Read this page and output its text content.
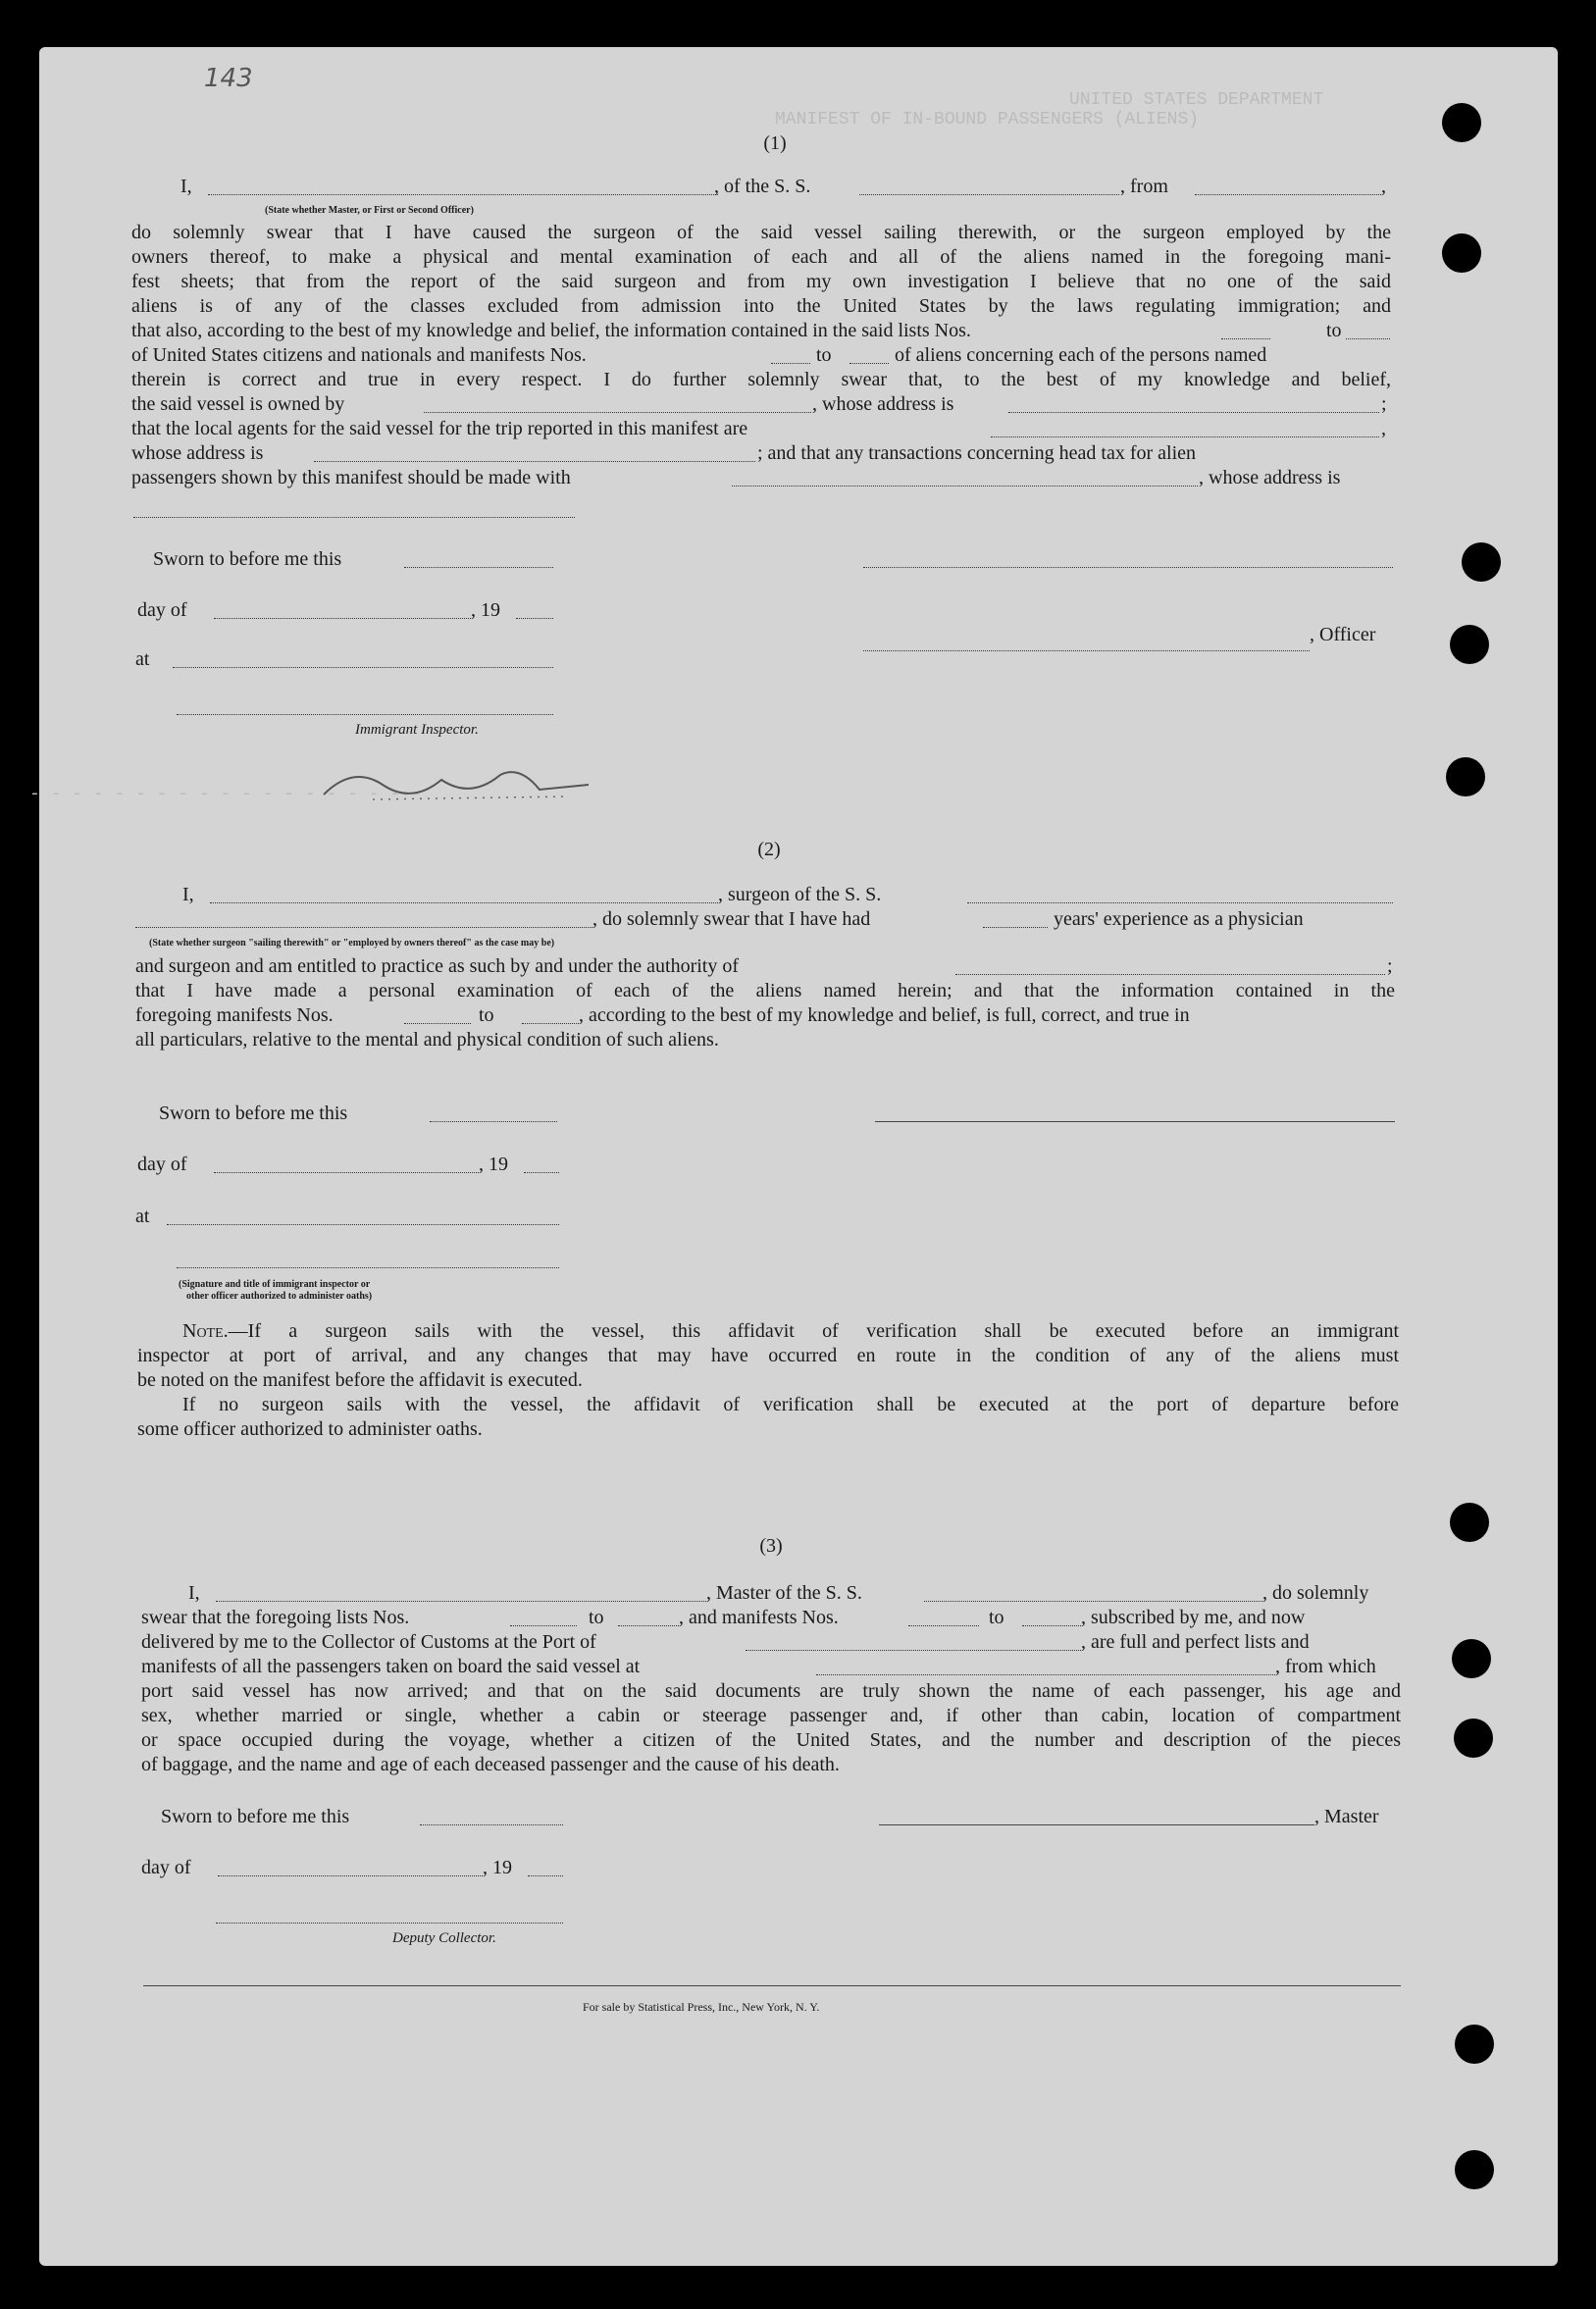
MANIFEST OF IN-BOUND PASSENGERS (ALIENS)
UNITED STATES DEPARTMENT
- - - - - - - - - - - - - - - - - - -
143
(1)
I,	, of the S. S.	, from	,
(State whether Master, or First or Second Officer)
do solemnly swear that I have caused the surgeon of the said vessel sailing therewith, or the surgeon employed by the
owners thereof, to make a physical and mental examination of each and all of the aliens named in the foregoing mani-
fest sheets; that from the report of the said surgeon and from my own investigation I believe that no one of the said
aliens is of any of the classes excluded from admission into the United States by the laws regulating immigration; and
that also, according to the best of my knowledge and belief, the information contained in the said lists Nos.	to
of United States citizens and nationals and manifests Nos.	to	of aliens concerning each of the persons named
therein is correct and true in every respect. I do further solemnly swear that, to the best of my knowledge and belief,
the said vessel is owned by	, whose address is	;
that the local agents for the said vessel for the trip reported in this manifest are	,
whose address is	; and that any transactions concerning head tax for alien
passengers shown by this manifest should be made with	, whose address is
Sworn to before me this
day of	, 19
at
, Officer
Immigrant Inspector.
(2)
I,	, surgeon of the S. S.
, do solemnly swear that I have had	years' experience as a physician
(State whether surgeon "sailing therewith" or "employed by owners thereof" as the case may be)
and surgeon and am entitled to practice as such by and under the authority of	;
that I have made a personal examination of each of the aliens named herein; and that the information contained in the
foregoing manifests Nos.	to	, according to the best of my knowledge and belief, is full, correct, and true in
all particulars, relative to the mental and physical condition of such aliens.
Sworn to before me this
day of	, 19
at
(Signature and title of immigrant inspector or
other officer authorized to administer oaths)
Note.—If a surgeon sails with the vessel, this affidavit of verification shall be executed before an immigrant
inspector at port of arrival, and any changes that may have occurred en route in the condition of any of the aliens must
be noted on the manifest before the affidavit is executed.
If no surgeon sails with the vessel, the affidavit of verification shall be executed at the port of departure before
some officer authorized to administer oaths.
(3)
I,	, Master of the S. S.	, do solemnly
swear that the foregoing lists Nos.	to	, and manifests Nos.	to	, subscribed by me, and now
delivered by me to the Collector of Customs at the Port of	, are full and perfect lists and
manifests of all the passengers taken on board the said vessel at	, from which
port said vessel has now arrived; and that on the said documents are truly shown the name of each passenger, his age and
sex, whether married or single, whether a cabin or steerage passenger and, if other than cabin, location of compartment
or space occupied during the voyage, whether a citizen of the United States, and the number and description of the pieces
of baggage, and the name and age of each deceased passenger and the cause of his death.
Sworn to before me this	, Master
day of	, 19
Deputy Collector.
For sale by Statistical Press, Inc., New York, N. Y.
